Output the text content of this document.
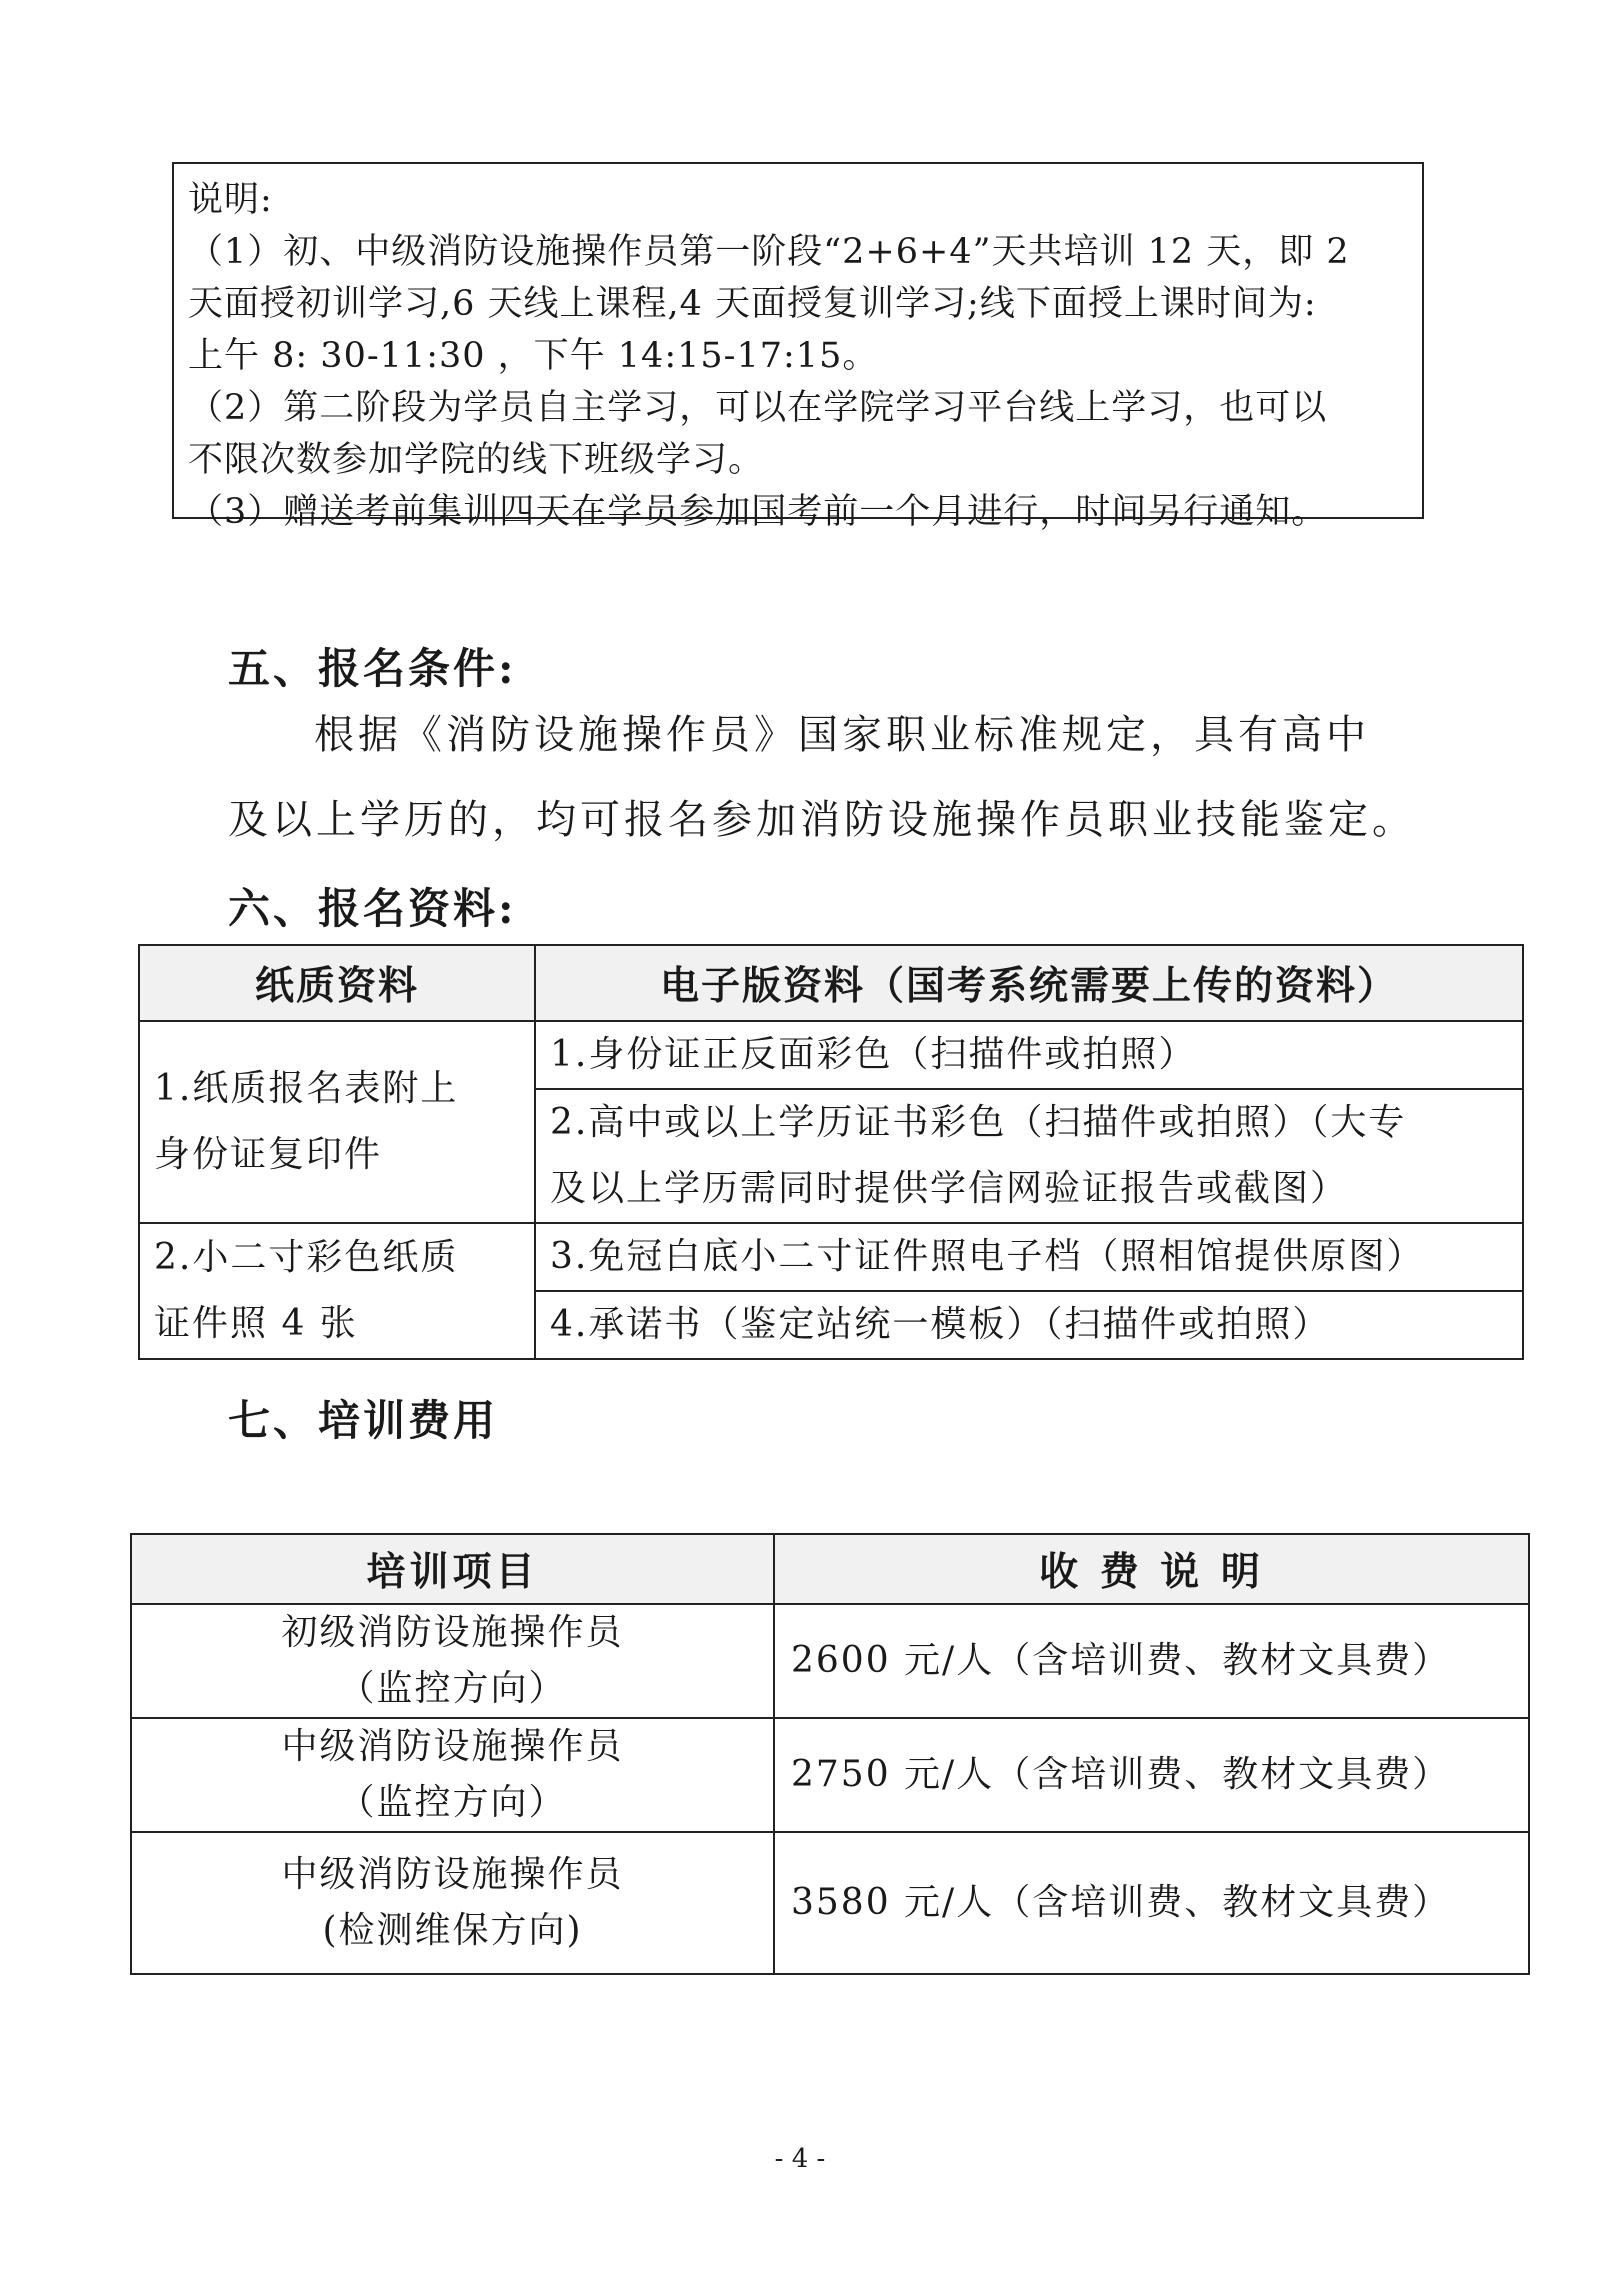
说明:
（1）初、中级消防设施操作员第一阶段“2+6+4”天共培训 12 天，即 2
天面授初训学习,6 天线上课程,4 天面授复训学习;线下面授上课时间为:
上午 8: 30-11:30 ，下午 14:15-17:15。
（2）第二阶段为学员自主学习，可以在学院学习平台线上学习，也可以
不限次数参加学院的线下班级学习。
（3）赠送考前集训四天在学员参加国考前一个月进行，时间另行通知。
五、报名条件:
根据《消防设施操作员》国家职业标准规定，具有高中
及以上学历的，均可报名参加消防设施操作员职业技能鉴定。
六、报名资料:
纸质资料	电子版资料（国考系统需要上传的资料）

1.纸质报名表附上
身份证复印件	1.身份证正反面彩色（扫描件或拍照）

	2.高中或以上学历证书彩色（扫描件或拍照）（大专
及以上学历需同时提供学信网验证报告或截图）

2.小二寸彩色纸质
证件照 4 张	3.免冠白底小二寸证件照电子档（照相馆提供原图）
	4.承诺书（鉴定站统一模板）（扫描件或拍照）
七、培训费用
培训项目	收 费 说 明

初级消防设施操作员
（监控方向）	2600 元/人（含培训费、教材文具费）

中级消防设施操作员
（监控方向）	2750 元/人（含培训费、教材文具费）

中级消防设施操作员
(检测维保方向)	3580 元/人（含培训费、教材文具费）
- 4 -
